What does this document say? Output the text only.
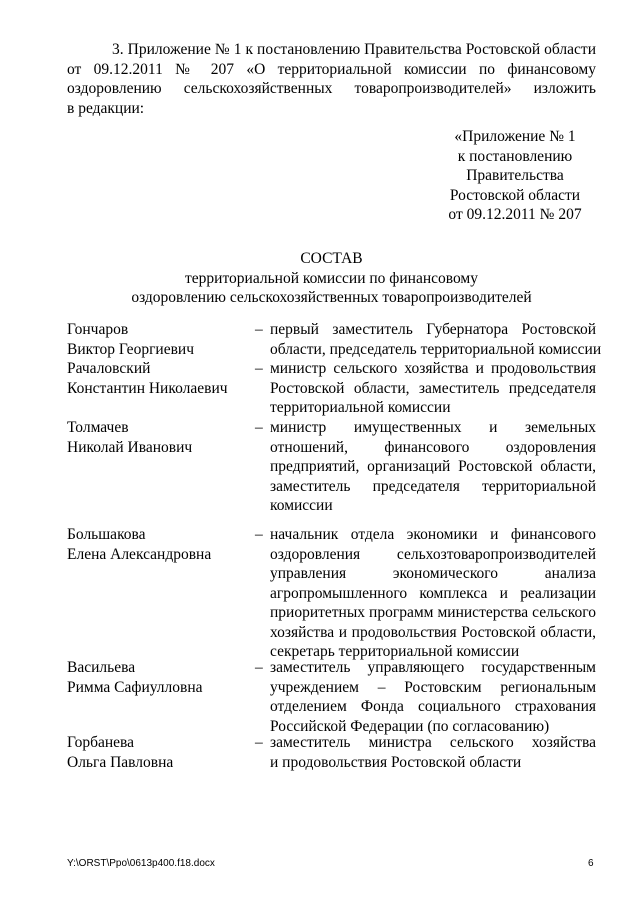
3. Приложение № 1 к постановлению Правительства Ростовской области
от 09.12.2011 № 207 «О территориальной комиссии по финансовому
оздоровлению сельскохозяйственных товаропроизводителей» изложить
в редакции:
«Приложение № 1
к постановлению
Правительства
Ростовской области
от 09.12.2011 № 207
СОСТАВ
территориальной комиссии по финансовому
оздоровлению сельскохозяйственных товаропроизводителей
Гончаров
Виктор Георгиевич
– первый заместитель Губернатора Ростовской
области, председатель территориальной комиссии
Рачаловский
Константин Николаевич
– министр сельского хозяйства и продовольствия
Ростовской области, заместитель председателя
территориальной комиссии
Толмачев
Николай Иванович
– министр имущественных и земельных
отношений, финансового оздоровления
предприятий, организаций Ростовской области,
заместитель председателя территориальной
комиссии
Большакова
Елена Александровна
– начальник отдела экономики и финансового
оздоровления сельхозтоваропроизводителей
управления экономического анализа
агропромышленного комплекса и реализации
приоритетных программ министерства сельского
хозяйства и продовольствия Ростовской области,
секретарь территориальной комиссии
Васильева
Римма Сафиулловна
– заместитель управляющего государственным
учреждением – Ростовским региональным
отделением Фонда социального страхования
Российской Федерации (по согласованию)
Горбанева
Ольга Павловна
– заместитель министра сельского хозяйства
и продовольствия Ростовской области
Y:\ORST\Ppo\0613p400.f18.docx	6
